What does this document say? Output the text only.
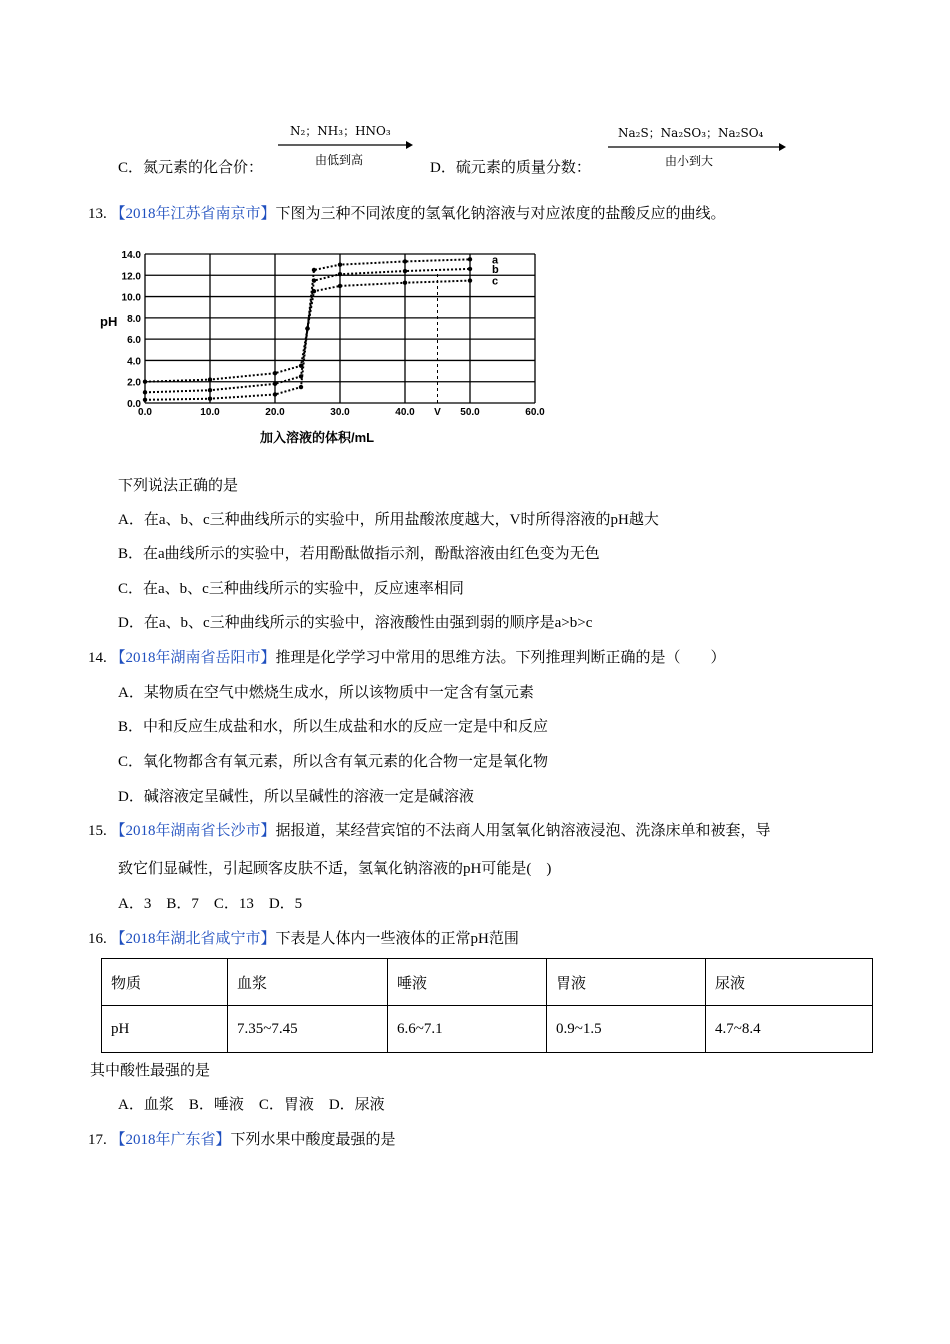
C．氮元素的化合价：
N₂；NH₃；HNO₃
由低到高	D．硫元素的质量分数：
Na₂S；Na₂SO₃；Na₂SO₄
由小到大
13. 【2018年江苏省南京市】下图为三种不同浓度的氢氧化钠溶液与对应浓度的盐酸反应的曲线。
a
b
c
0.0
2.0
4.0
6.0
8.0
10.0
12.0
14.0
0.0	10.0	20.0	30.0	40.0 V 50.0	60.0
pH
加入溶液的体积/mL
下列说法正确的是
A．在a、b、c三种曲线所示的实验中，所用盐酸浓度越大，V时所得溶液的pH越大
B．在a曲线所示的实验中，若用酚酞做指示剂，酚酞溶液由红色变为无色
C．在a、b、c三种曲线所示的实验中，反应速率相同
D．在a、b、c三种曲线所示的实验中，溶液酸性由强到弱的顺序是a>b>c
14. 【2018年湖南省岳阳市】推理是化学学习中常用的思维方法。下列推理判断正确的是（　　）
A．某物质在空气中燃烧生成水，所以该物质中一定含有氢元素
B．中和反应生成盐和水，所以生成盐和水的反应一定是中和反应
C．氧化物都含有氧元素，所以含有氧元素的化合物一定是氧化物
D．碱溶液定呈碱性，所以呈碱性的溶液一定是碱溶液
15. 【2018年湖南省长沙市】据报道，某经营宾馆的不法商人用氢氧化钠溶液浸泡、洗涤床单和被套，导
致它们显碱性，引起顾客皮肤不适，氢氧化钠溶液的pH可能是(　)
A．3　B．7　C．13　D．5
16. 【2018年湖北省咸宁市】下表是人体内一些液体的正常pH范围
物质	血浆	唾液	胃液	尿液
pH	7.35~7.45	6.6~7.1	0.9~1.5	4.7~8.4
其中酸性最强的是
A．血浆　B．唾液　C．胃液　D．尿液
17. 【2018年广东省】下列水果中酸度最强的是
